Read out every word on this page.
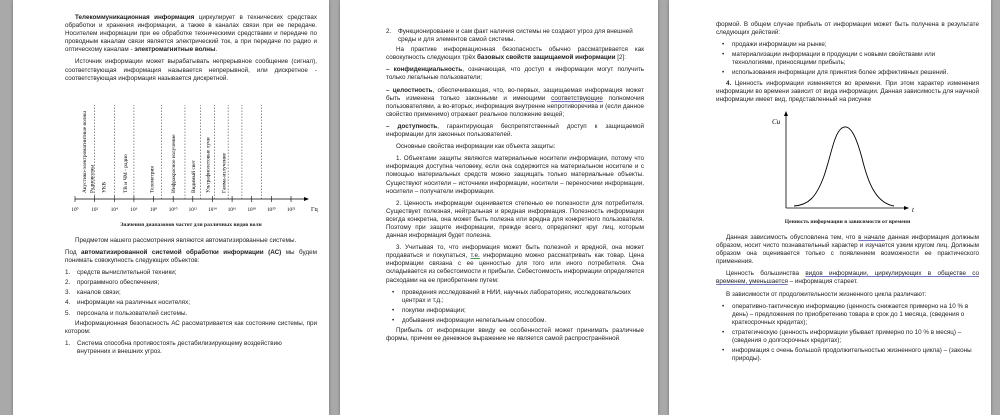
Телекоммуникационная информация циркулирует в технических средствах обработки и хранения информации, а также в каналах связи при ее передаче. Носителем информации при ее обработке техническими средствами и передаче по проводным каналам связи является электрический ток, а при передаче по радио и оптическому каналам - электромагнитные волны.

Источник информации может вырабатывать непрерывное сообщение (сигнал), соответствующая информация называется непрерывной, или дискретное - соответствующая информация называется дискретной.

Гц
10⁰ 10² 10⁴ 10⁶ 10⁸ 10¹⁰ 10¹² 10¹⁴ 10¹⁶ 10¹⁸ 10²⁰ 10²²
Акустико-электромагнитные волны Радиоволны УКВ	ТВ и ЧМ - радио	Телеметрия	Инфракрасное излучение	Видимый свет Ультрафиолетовые лучи Гамма-излучение
Значения диапазонов частот для различных видов волн

Предметом нашего рассмотрения являются автоматизированные системы.

Под автоматизированной системой обработки информации (АС) мы будем понимать совокупность следующих объектов:

1.	средств вычислительной техники;
2.	программного обеспечения;
3.	каналов связи;
4.	информации на различных носителях;
5.	персонала и пользователей системы.

Информационная безопасность АС рассматривается как состояние системы, при котором:

1.	Система способна противостоять дестабилизирующему воздействию внутренних и внешних угроз.
2.	Функционирование и сам факт наличия системы не создают угроз для внешней среды и для элементов самой системы.

На практике информационная безопасность обычно рассматривается как совокупность следующих трёх базовых свойств защищаемой информации [2]:

– конфиденциальность, означающая, что доступ к информации могут получить только легальные пользователи;

– целостность, обеспечивающая, что, во-первых, защищаемая информация может быть изменена только законными и имеющими соответствующие полномочия пользователями, а во-вторых, информация внутренне непротиворечива и (если данное свойство применимо) отражает реальное положение вещей;

– доступность, гарантирующая беспрепятственный доступ к защищаемой информации для законных пользователей.

Основные свойства информации как объекта защиты:

1. Объектами защиты являются материальные носители информации, потому что информация доступна человеку, если она содержится на материальном носителе и с помощью материальных средств можно защищать только материальные объекты. Существуют носители – источники информации, носители – переносчики информации, носители – получатели информации.

2. Ценность информации оценивается степенью ее полезности для потребителя. Существует полезная, нейтральная и вредная информация. Полезность информации всегда конкретна, она может быть полезна или вредна для конкретного пользователя. Поэтому при защите информации, прежде всего, определяют круг лиц, которым данная информация будет полезна.

3. Учитывая то, что информация может быть полезной и вредной, она может продаваться и покупаться, т.е. информацию можно рассматривать как товар. Цена информации связана с ее ценностью для того или иного потребителя. Она складывается из себестоимости и прибыли. Себестоимость информации определяется расходами на ее приобретение путем:

• проведения исследований в НИИ, научных лабораториях, исследовательских центрах и т.д.;
• покупки информации;
• добывания информации нелегальным способом.

Прибыль от информации ввиду ее особенностей может принимать различные формы, причем ее денежное выражение не является самой распространённой

формой. В общем случае прибыль от информации может быть получена в результате следующих действий:

• продажи информации на рынке;
• материализации информации в продукции с новыми свойствами или технологиями, приносящими прибыль;
• использования информации для принятия более эффективных решений.

4. Ценность информации изменяется во времени. При этом характер изменения информации во времени зависит от вида информации. Данная зависимость для научной информации имеет вид, представленный на рисунке

Cu
t
Ценность информации в зависимости от времени

Данная зависимость обусловлена тем, что в начале данная информация должным образом, носит чисто познавательный характер и изучается узким кругом лиц. Должным образом она оценивается только с появлением возможности ее практического применения.

Ценность большинства видов информации, циркулирующих в обществе со временем, уменьшается – информация стареет.

В зависимости от продолжительности жизненного цикла различают:

• оперативно-тактическую информацию (ценность снижается примерно на 10 % в день) – предложения по приобретению товара в срок до 1 месяца, (сведения о краткосрочных кредитах);
• стратегическую (ценность информации убывает примерно по 10 % в месяц) – (сведения о долгосрочных кредитах);
• информация с очень большой продолжительностью жизненного цикла) – (законы природы).
